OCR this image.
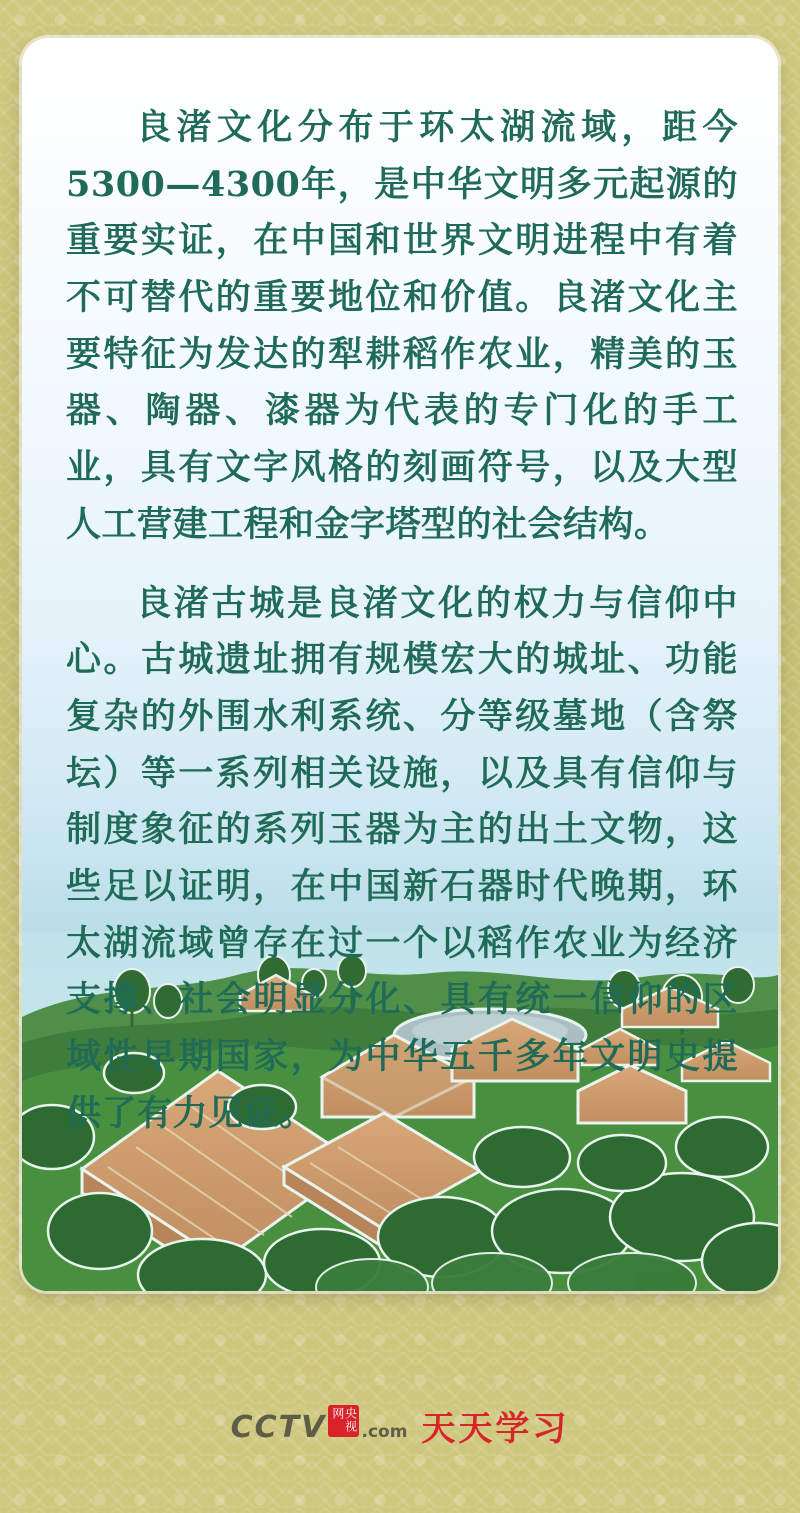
良渚文化分布于环太湖流域，距今5300—4300年，是中华文明多元起源的重要实证，在中国和世界文明进程中有着不可替代的重要地位和价值。良渚文化主要特征为发达的犁耕稻作农业，精美的玉器、陶器、漆器为代表的专门化的手工业，具有文字风格的刻画符号，以及大型人工营建工程和金字塔型的社会结构。

良渚古城是良渚文化的权力与信仰中心。古城遗址拥有规模宏大的城址、功能复杂的外围水利系统、分等级墓地（含祭坛）等一系列相关设施，以及具有信仰与制度象征的系列玉器为主的出土文物，这些足以证明，在中国新石器时代晚期，环太湖流域曾存在过一个以稻作农业为经济支撑、社会明显分化、具有统一信仰的区域性早期国家，为中华五千多年文明史提供了有力见证。

CCTV	央视网
.com 天天学习
